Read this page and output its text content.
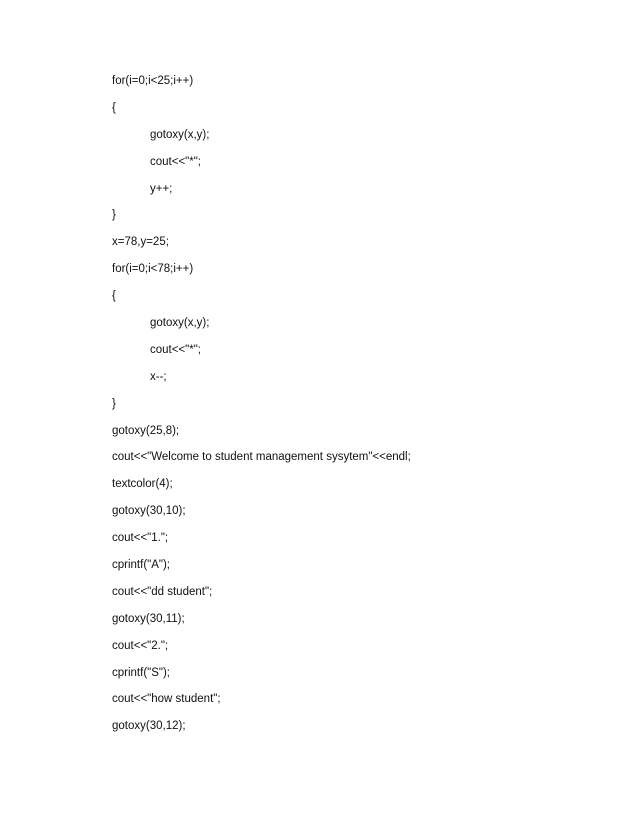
for(i=0;i<25;i++)
{
gotoxy(x,y);
cout<<"*";
y++;
}
x=78,y=25;
for(i=0;i<78;i++)
{
gotoxy(x,y);
cout<<"*";
x--;
}
gotoxy(25,8);
cout<<"Welcome to student management sysytem"<<endl;
textcolor(4);
gotoxy(30,10);
cout<<"1.";
cprintf("A");
cout<<"dd student";
gotoxy(30,11);
cout<<"2.";
cprintf("S");
cout<<"how student";
gotoxy(30,12);
